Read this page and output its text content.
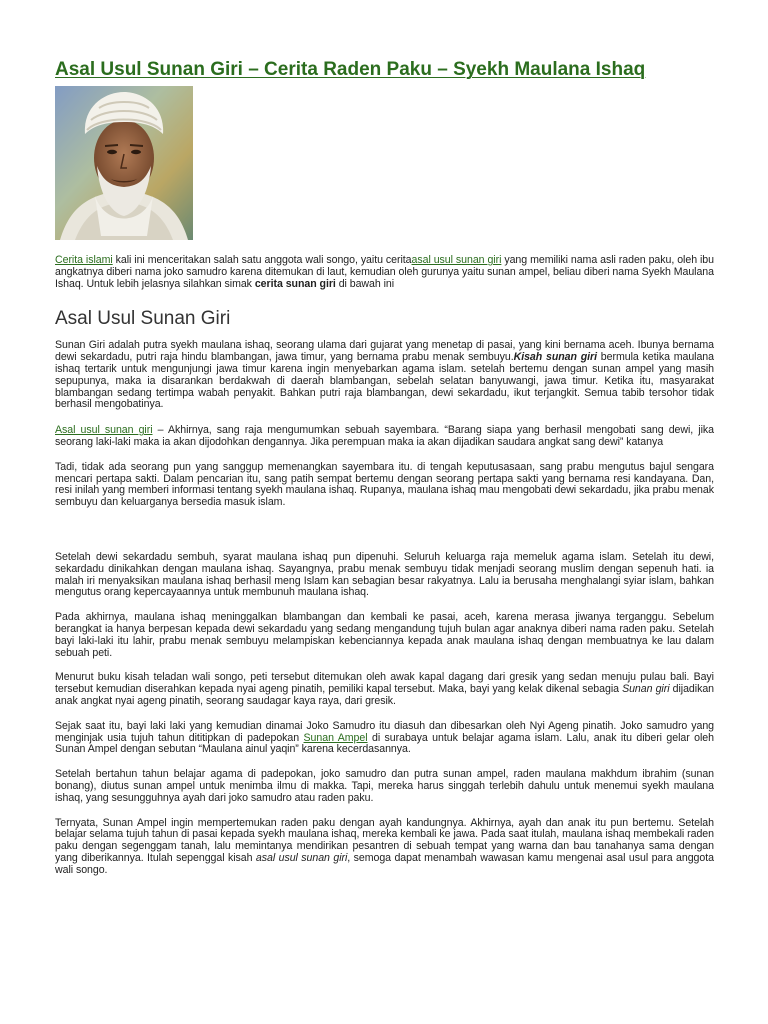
Asal Usul Sunan Giri – Cerita Raden Paku – Syekh Maulana Ishaq

Cerita islami kali ini menceritakan salah satu anggota wali songo, yaitu ceritaasal usul sunan giri yang memiliki nama asli raden paku, oleh ibu angkatnya diberi nama joko samudro karena ditemukan di laut, kemudian oleh gurunya yaitu sunan ampel, beliau diberi nama Syekh Maulana Ishaq. Untuk lebih jelasnya silahkan simak cerita sunan giri di bawah ini

Asal Usul Sunan Giri

Sunan Giri adalah putra syekh maulana ishaq, seorang ulama dari gujarat yang menetap di pasai, yang kini bernama aceh. Ibunya bernama dewi sekardadu, putri raja hindu blambangan, jawa timur, yang bernama prabu menak sembuyu.Kisah sunan giri bermula ketika maulana ishaq tertarik untuk mengunjungi jawa timur karena ingin menyebarkan agama islam. setelah bertemu dengan sunan ampel yang masih sepupunya, maka ia disarankan berdakwah di daerah blambangan, sebelah selatan banyuwangi, jawa timur. Ketika itu, masyarakat blambangan sedang tertimpa wabah penyakit. Bahkan putri raja blambangan, dewi sekardadu, ikut terjangkit. Semua tabib tersohor tidak berhasil mengobatinya.

Asal usul sunan giri – Akhirnya, sang raja mengumumkan sebuah sayembara. “Barang siapa yang berhasil mengobati sang dewi, jika seorang laki-laki maka ia akan dijodohkan dengannya. Jika perempuan maka ia akan dijadikan saudara angkat sang dewi” katanya

Tadi, tidak ada seorang pun yang sanggup memenangkan sayembara itu. di tengah keputusasaan, sang prabu mengutus bajul sengara mencari pertapa sakti. Dalam pencarian itu, sang patih sempat bertemu dengan seorang pertapa sakti yang bernama resi kandayana. Dan, resi inilah yang memberi informasi tentang syekh maulana ishaq. Rupanya, maulana ishaq mau mengobati dewi sekardadu, jika prabu menak sembuyu dan keluarganya bersedia masuk islam.

Setelah dewi sekardadu sembuh, syarat maulana ishaq pun dipenuhi. Seluruh keluarga raja memeluk agama islam. Setelah itu dewi, sekardadu dinikahkan dengan maulana ishaq. Sayangnya, prabu menak sembuyu tidak menjadi seorang muslim dengan sepenuh hati. ia malah iri menyaksikan maulana ishaq berhasil meng Islam kan sebagian besar rakyatnya. Lalu ia berusaha menghalangi syiar islam, bahkan mengutus orang kepercayaannya untuk membunuh maulana ishaq.

Pada akhirnya, maulana ishaq meninggalkan blambangan dan kembali ke pasai, aceh, karena merasa jiwanya terganggu. Sebelum berangkat ia hanya berpesan kepada dewi sekardadu yang sedang mengandung tujuh bulan agar anaknya diberi nama raden paku. Setelah bayi laki-laki itu lahir, prabu menak sembuyu melampiskan kebenciannya kepada anak maulana ishaq dengan membuatnya ke lau dalam sebuah peti.

Menurut buku kisah teladan wali songo, peti tersebut ditemukan oleh awak kapal dagang dari gresik yang sedan menuju pulau bali. Bayi tersebut kemudian diserahkan kepada nyai ageng pinatih, pemiliki kapal tersebut. Maka, bayi yang kelak dikenal sebagia Sunan giri dijadikan anak angkat nyai ageng pinatih, seorang saudagar kaya raya, dari gresik.

Sejak saat itu, bayi laki laki yang kemudian dinamai Joko Samudro itu diasuh dan dibesarkan oleh Nyi Ageng pinatih. Joko samudro yang menginjak usia tujuh tahun dititipkan di padepokan Sunan Ampel di surabaya untuk belajar agama islam. Lalu, anak itu diberi gelar oleh Sunan Ampel dengan sebutan “Maulana ainul yaqin” karena kecerdasannya.

Setelah bertahun tahun belajar agama di padepokan, joko samudro dan putra sunan ampel, raden maulana makhdum ibrahim (sunan bonang), diutus sunan ampel untuk menimba ilmu di makka. Tapi, mereka harus singgah terlebih dahulu untuk menemui syekh maulana ishaq, yang sesungguhnya ayah dari joko samudro atau raden paku.

Ternyata, Sunan Ampel ingin mempertemukan raden paku dengan ayah kandungnya. Akhirnya, ayah dan anak itu pun bertemu. Setelah belajar selama tujuh tahun di pasai kepada syekh maulana ishaq, mereka kembali ke jawa. Pada saat itulah, maulana ishaq membekali raden paku dengan segenggam tanah, lalu memintanya mendirikan pesantren di sebuah tempat yang warna dan bau tanahanya sama dengan yang diberikannya. Itulah sepenggal kisah asal usul sunan giri, semoga dapat menambah wawasan kamu mengenai asal usul para anggota wali songo.
